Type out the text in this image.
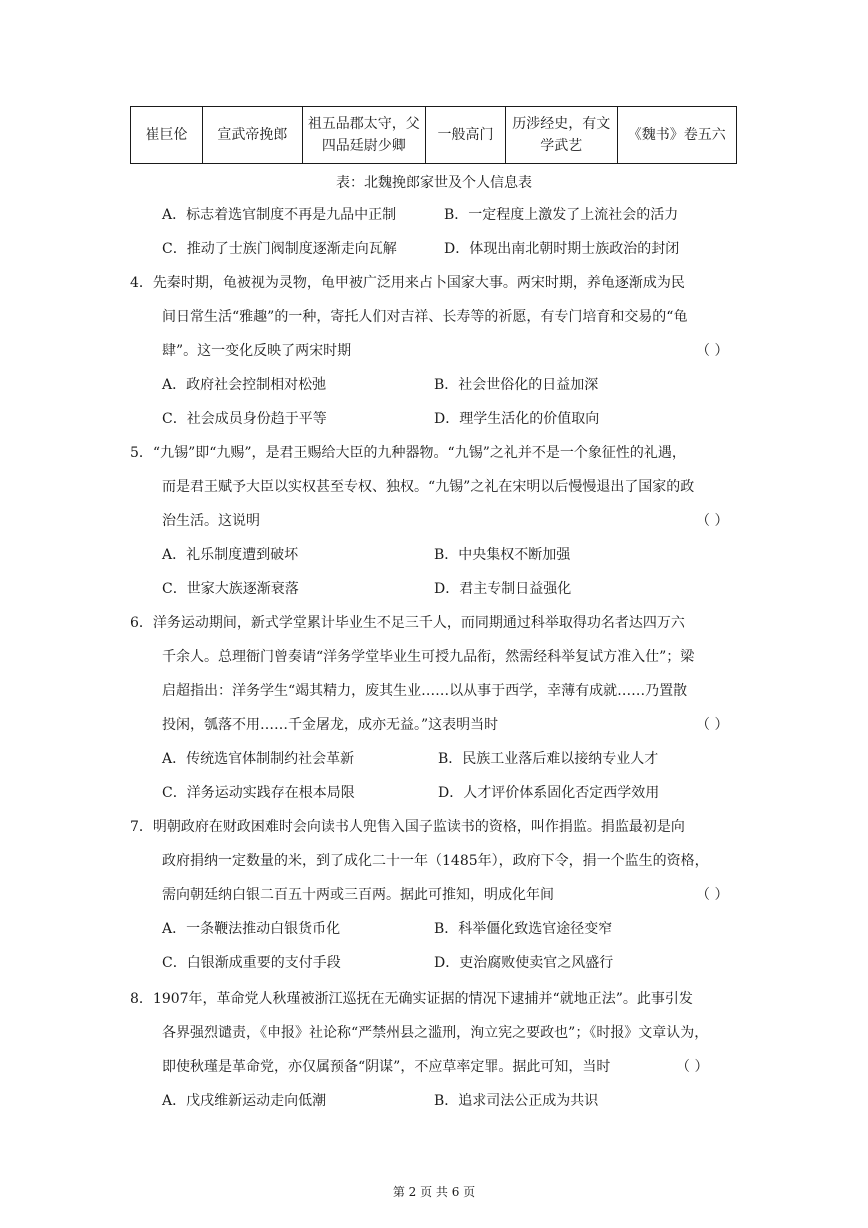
崔巨伦	宣武帝挽郎	祖五品郡太守，父四品廷尉少卿	一般高门	历涉经史，有文学武艺	《魏书》卷五六
表：北魏挽郎家世及个人信息表
A．标志着选官制度不再是九品中正制	B．一定程度上激发了上流社会的活力
C．推动了士族门阀制度逐渐走向瓦解	D．体现出南北朝时期士族政治的封闭
4．先秦时期，龟被视为灵物，龟甲被广泛用来占卜国家大事。两宋时期，养龟逐渐成为民
间日常生活“雅趣”的一种，寄托人们对吉祥、长寿等的祈愿，有专门培育和交易的“龟
肆”。这一变化反映了两宋时期	（ ）
A．政府社会控制相对松弛	B．社会世俗化的日益加深
C．社会成员身份趋于平等	D．理学生活化的价值取向
5．“九锡”即“九赐”，是君王赐给大臣的九种器物。“九锡”之礼并不是一个象征性的礼遇，
而是君王赋予大臣以实权甚至专权、独权。“九锡”之礼在宋明以后慢慢退出了国家的政
治生活。这说明	（ ）
A．礼乐制度遭到破坏	B．中央集权不断加强
C．世家大族逐渐衰落	D．君主专制日益强化
6．洋务运动期间，新式学堂累计毕业生不足三千人，而同期通过科举取得功名者达四万六
千余人。总理衙门曾奏请“洋务学堂毕业生可授九品衔，然需经科举复试方准入仕”；梁
启超指出：洋务学生“竭其精力，废其生业……以从事于西学，幸薄有成就……乃置散
投闲，瓠落不用……千金屠龙，成亦无益。”这表明当时	（ ）
A．传统选官体制制约社会革新	B．民族工业落后难以接纳专业人才
C．洋务运动实践存在根本局限	D．人才评价体系固化否定西学效用
7．明朝政府在财政困难时会向读书人兜售入国子监读书的资格，叫作捐监。捐监最初是向
政府捐纳一定数量的米，到了成化二十一年（1485年），政府下令，捐一个监生的资格，
需向朝廷纳白银二百五十两或三百两。据此可推知，明成化年间	（ ）
A．一条鞭法推动白银货币化	B．科举僵化致选官途径变窄
C．白银渐成重要的支付手段	D．吏治腐败使卖官之风盛行
8．1907年，革命党人秋瑾被浙江巡抚在无确实证据的情况下逮捕并“就地正法”。此事引发
各界强烈谴责，《申报》社论称“严禁州县之滥刑，洵立宪之要政也”；《时报》文章认为，
即使秋瑾是革命党，亦仅属预备“阴谋”，不应草率定罪。据此可知，当时	（ ）
A．戊戌维新运动走向低潮	B．追求司法公正成为共识
第 2 页 共 6 页
